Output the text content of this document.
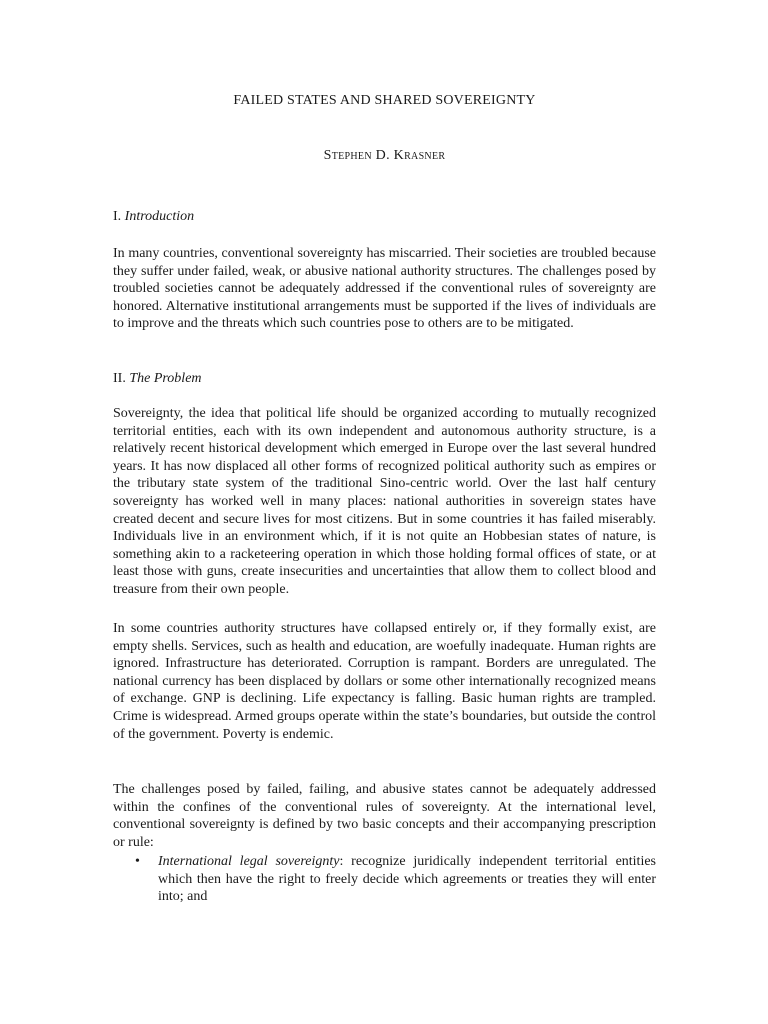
FAILED STATES AND SHARED SOVEREIGNTY
Stephen D. Krasner
I. Introduction

In many countries, conventional sovereignty has miscarried. Their societies are troubled because they suffer under failed, weak, or abusive national authority structures. The challenges posed by troubled societies cannot be adequately addressed if the conventional rules of sovereignty are honored. Alternative institutional arrangements must be supported if the lives of individuals are to improve and the threats which such countries pose to others are to be mitigated.

II. The Problem

Sovereignty, the idea that political life should be organized according to mutually recognized territorial entities, each with its own independent and autonomous authority structure, is a relatively recent historical development which emerged in Europe over the last several hundred years. It has now displaced all other forms of recognized political authority such as empires or the tributary state system of the traditional Sino-centric world. Over the last half century sovereignty has worked well in many places: national authorities in sovereign states have created decent and secure lives for most citizens. But in some countries it has failed miserably. Individuals live in an environment which, if it is not quite an Hobbesian states of nature, is something akin to a racketeering operation in which those holding formal offices of state, or at least those with guns, create insecurities and uncertainties that allow them to collect blood and treasure from their own people.

In some countries authority structures have collapsed entirely or, if they formally exist, are empty shells. Services, such as health and education, are woefully inadequate. Human rights are ignored. Infrastructure has deteriorated. Corruption is rampant. Borders are unregulated. The national currency has been displaced by dollars or some other internationally recognized means of exchange. GNP is declining. Life expectancy is falling. Basic human rights are trampled. Crime is widespread. Armed groups operate within the state’s boundaries, but outside the control of the government. Poverty is endemic.

The challenges posed by failed, failing, and abusive states cannot be adequately addressed within the confines of the conventional rules of sovereignty. At the international level, conventional sovereignty is defined by two basic concepts and their accompanying prescription or rule:

• International legal sovereignty: recognize juridically independent territorial entities which then have the right to freely decide which agreements or treaties they will enter into; and
